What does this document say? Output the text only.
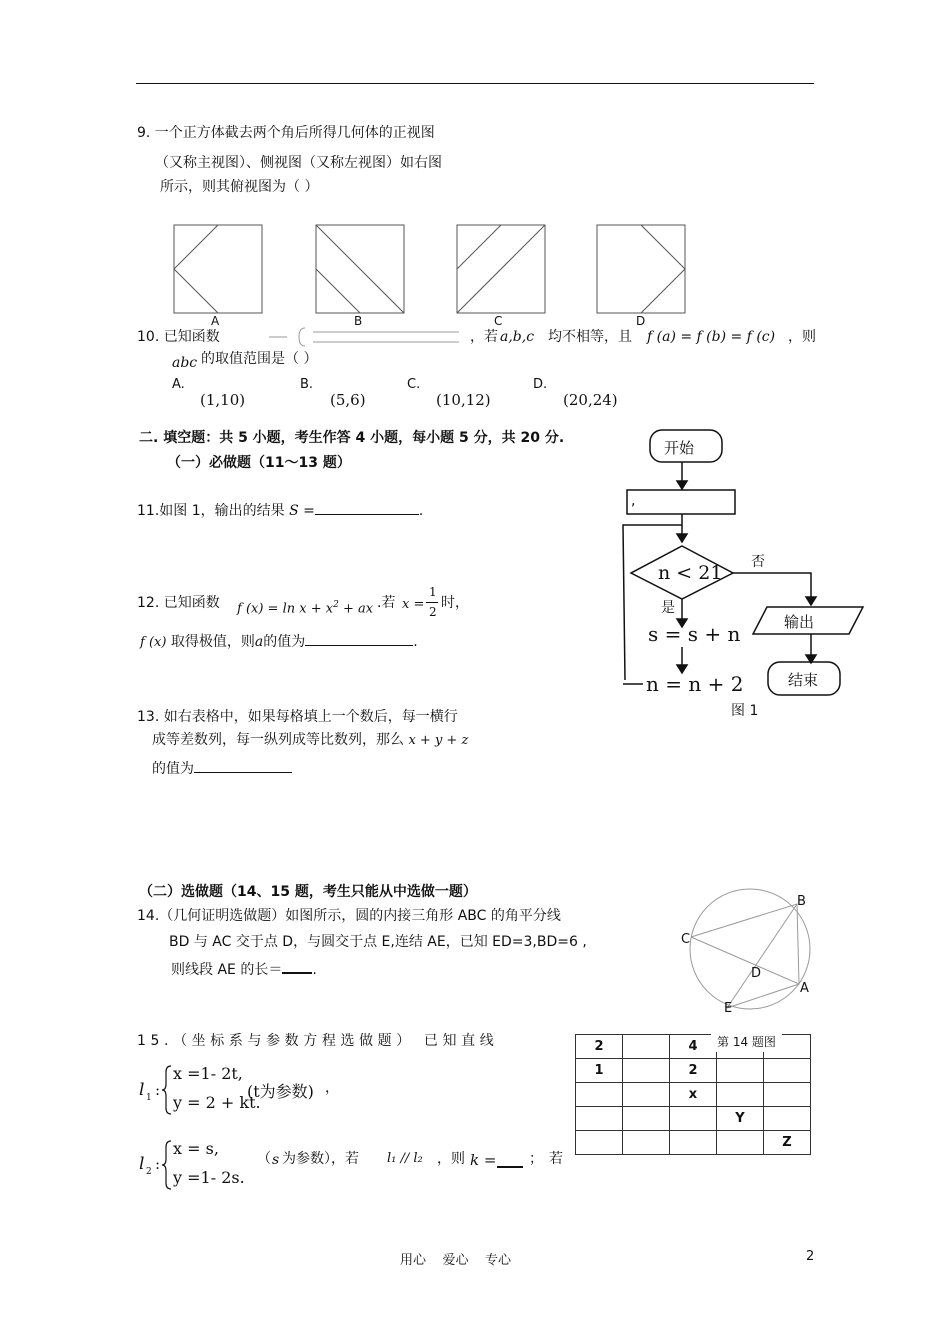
9. 一个正方体截去两个角后所得几何体的正视图
（又称主视图）、侧视图（又称左视图）如右图
所示，则其俯视图为（ ）
A	B	C	D
10. 已知函数	，若 a,b,c 均不相等，且 f (a) = f (b) = f (c) ，则
abc 的取值范围是（ ）
A.	B.	C.	D.
(1,10)	(5,6)	(10,12)	(20,24)
二. 填空题：共 5 小题，考生作答 4 小题，每小题 5 分，共 20 分.
（一）必做题（11～13 题）
11.如图 1，输出的结果 S =	.
12. 已知函数 f $(x) = \ln x + x^2$ + ax .若 x =
1
2
时，
f (x) 取得极值，则a的值为	.
13. 如右表格中，如果每格填上一个数后，每一横行
成等差数列，每一纵列成等比数列，那么 x + y + z
的值为
（二）选做题（14、15 题，考生只能从中选做一题）
14.（几何证明选做题）如图所示，圆的内接三角形 ABC 的角平分线
BD 与 AC 交于点 D，与圆交于点 E,连结 AE，已知 ED=3,BD=6 ,
则线段 AE 的长＝ .
15.（坐标系与参数方程选做题） 已知直线
l 1 :
x =1- 2t,
y = 2 + kt.
(t为参数) ，
l 2 :
x = s,
y =1- 2s.
（ s 为参数），若 l₁ // l₂ ，则 k = ；若
开始
,
n < 21 否
是
s = s + n
n = n + 2
输出
结束
图 1
B
C
D
A
E
2		4		
1		2		
		x		
			Y	
				Z
第 14 题图
用心    爱心    专心	2
